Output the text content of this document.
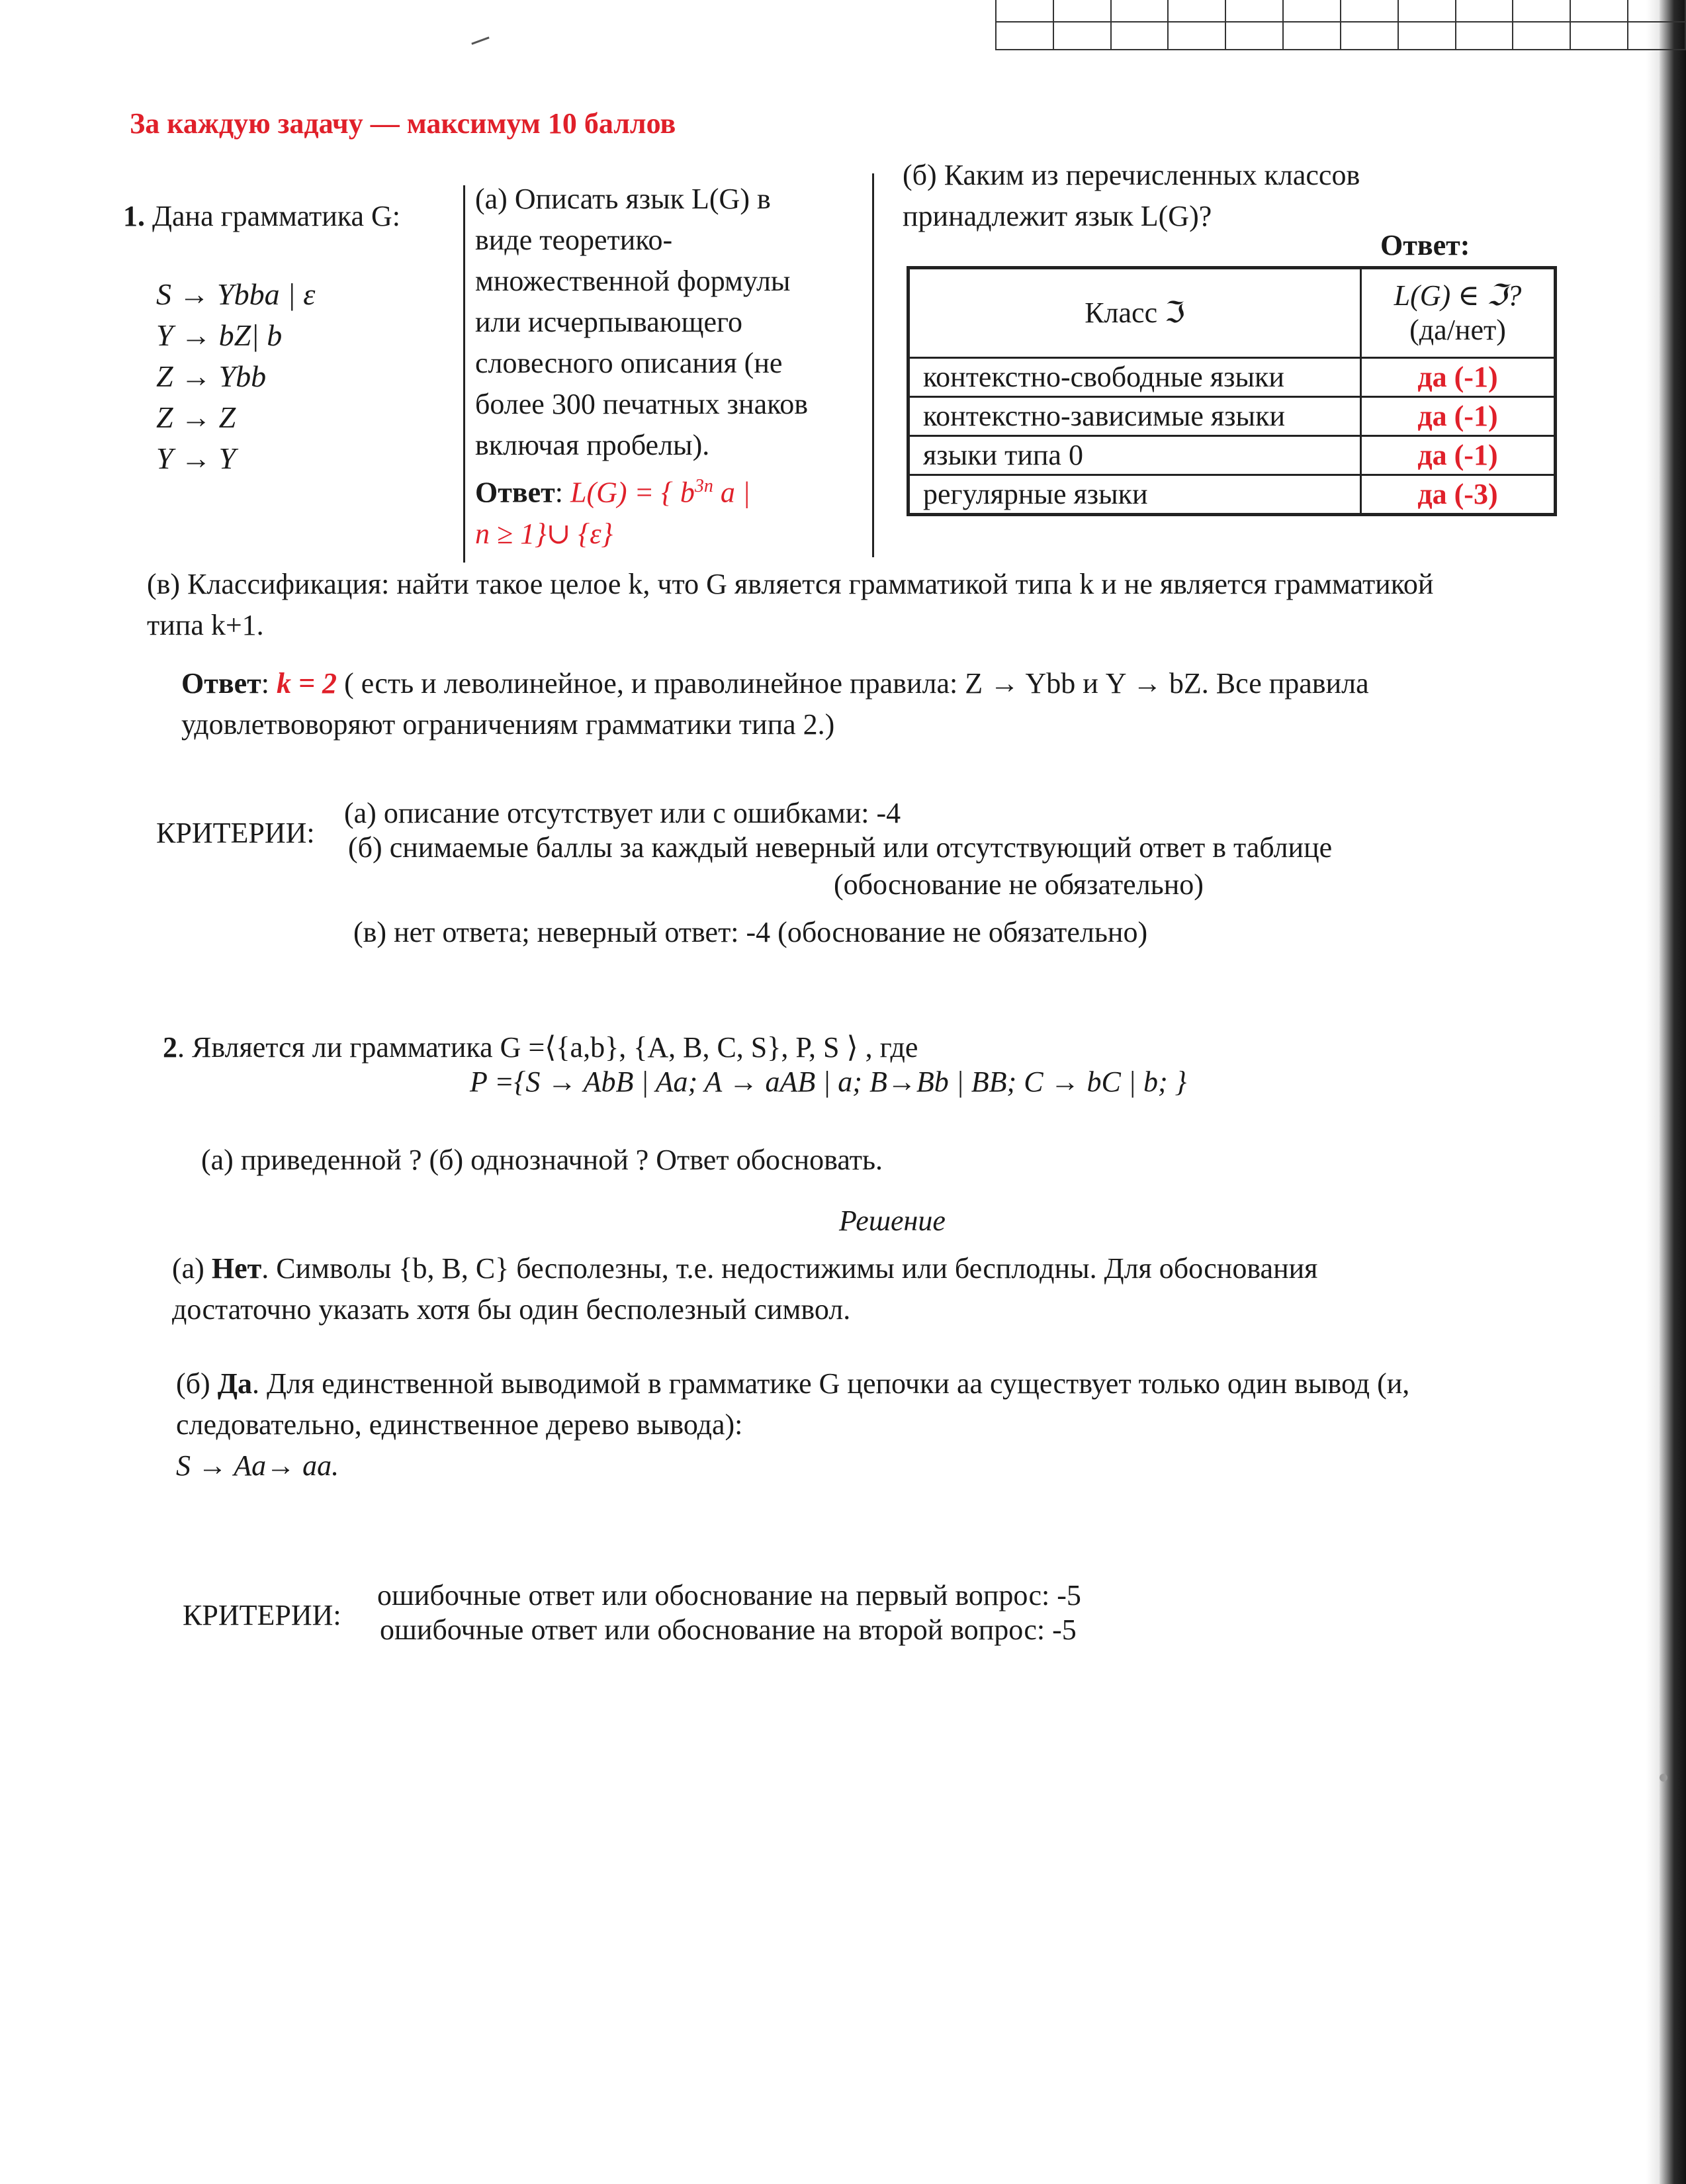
За каждую задачу — максимум 10 баллов
1. Дана грамматика G:
S → Ybba | ε
Y → bZ| b
Z → Ybb
Z → Z
Y → Y
(а) Описать язык L(G) в
виде теоретико-
множественной формулы
или исчерпывающего
словесного описания (не
более 300 печатных знаков
включая пробелы).
Ответ: L(G) = { $b^{3n}$ a |
n ≥ 1}∪ {ε}
(б) Каким из перечисленных классов
принадлежит язык L(G)?
Ответ:
Класс ℑ	L(G) ∈ ℑ?
(да/нет)

контекстно-свободные языки	да (-1)
контекстно-зависимые языки	да (-1)
языки типа 0	да (-1)
регулярные языки	да (-3)
(в) Классификация: найти такое целое k, что G является грамматикой типа k и не является грамматикой
типа k+1.
Ответ: k = 2 ( есть и леволинейное, и праволинейное правила: Z → Ybb и Y → bZ. Все правила
удовлетвоворяют ограничениям грамматики типа 2.)
КРИТЕРИИ:
(а) описание отсутствует или с ошибками: -4
(б) снимаемые баллы за каждый неверный или отсутствующий ответ в таблице
(обоснование не обязательно)
(в) нет ответа; неверный ответ: -4 (обоснование не обязательно)
2. Является ли грамматика G =⟨{a,b}, {A, B, C, S}, P, S ⟩ , где
P ={S → AbB | Aa; A → aAB | a; B→Bb | BB; C → bC | b; }
(а) приведенной ? (б) однозначной ? Ответ обосновать.
Решение
(а) Нет. Символы {b, B, C} бесполезны, т.е. недостижимы или бесплодны. Для обоснования
достаточно указать хотя бы один бесполезный символ.
(б) Да. Для единственной выводимой в грамматике G цепочки aa существует только один вывод (и,
следовательно, единственное дерево вывода):
S → Aa→ aa.
КРИТЕРИИ:
ошибочные ответ или обоснование на первый вопрос: -5
ошибочные ответ или обоснование на второй вопрос: -5
